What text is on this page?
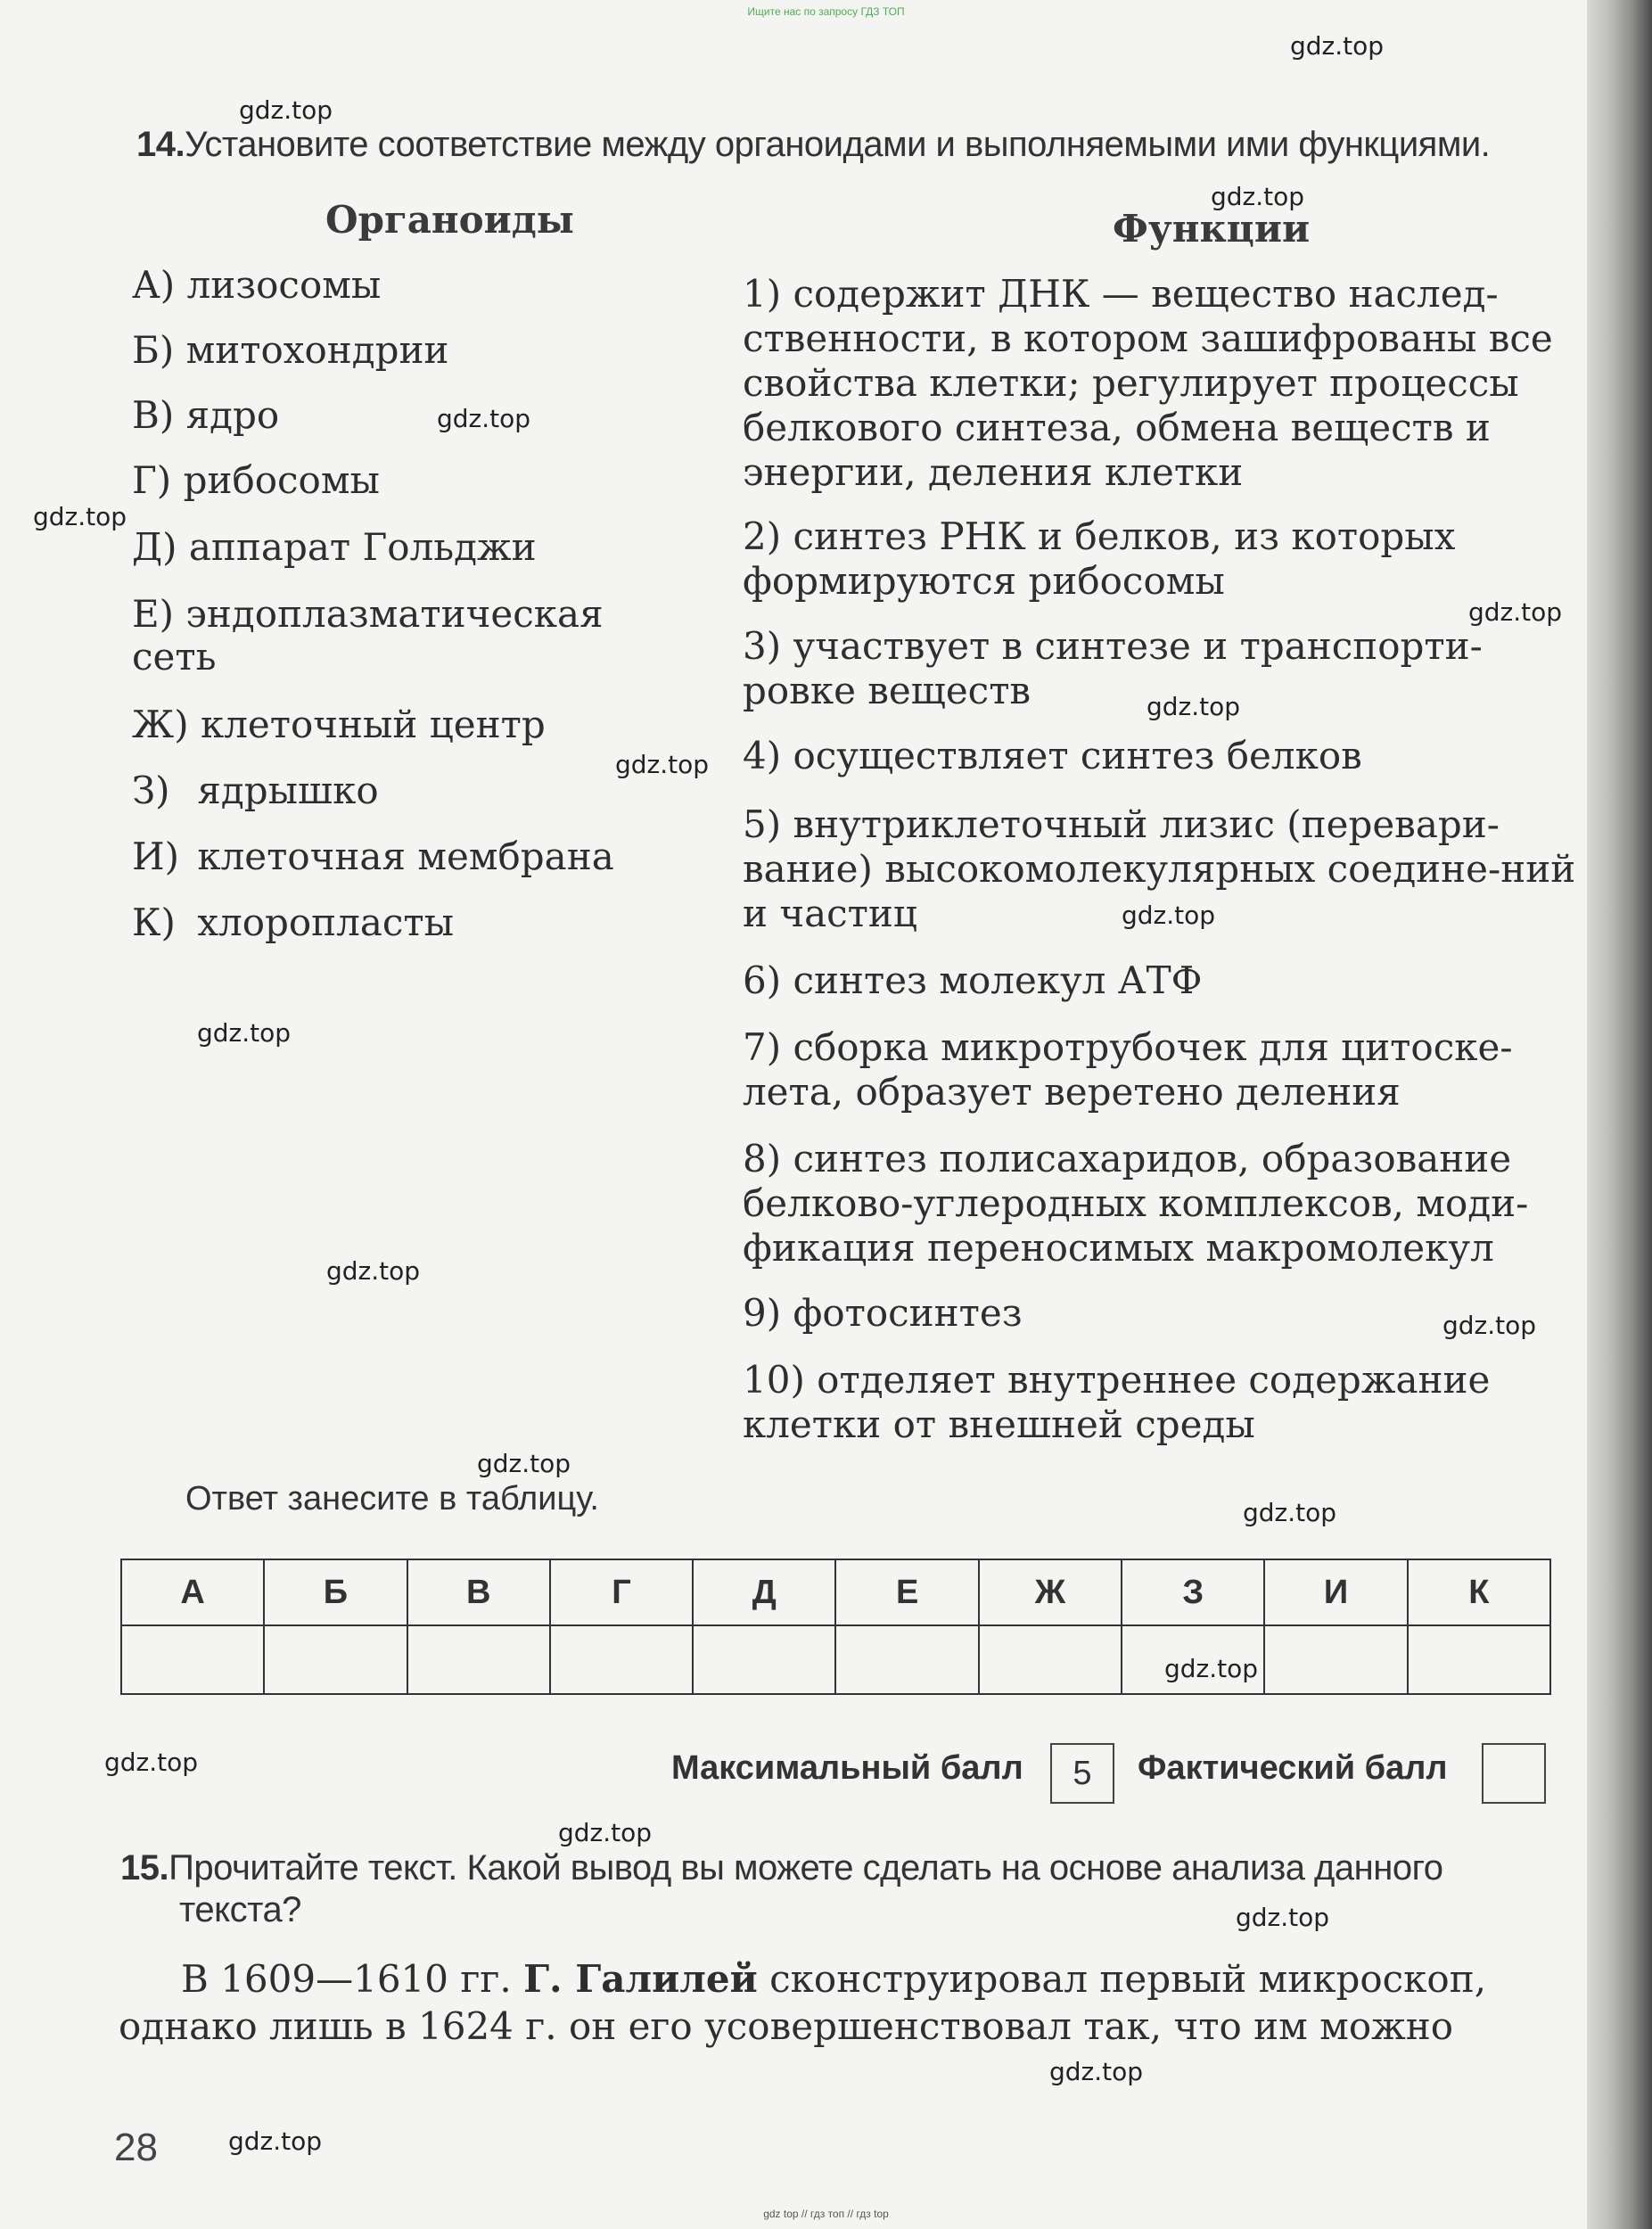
Ищите нас по запросу ГДЗ ТОП
gdz.top
gdz.top
gdz.top
gdz.top
gdz.top
gdz.top
gdz.top
gdz.top
gdz.top
gdz.top
gdz.top
gdz.top
gdz.top
gdz.top
gdz.top
gdz.top
gdz.top
gdz.top
gdz.top
gdz.top
14.Установите соответствие между органоидами и выполняемыми ими функциями.
Органоиды	Функции
А) лизосомы
Б) митохондрии
В) ядро
Г) рибосомы
Д) аппарат Гольджи
Е) эндоплазматическая
сеть
Ж) клеточный центр
З) ядрышко
И) клеточная мембрана
К) хлоропласты
1) содержит ДНК — вещество наслед-ственности, в котором зашифрованы все свойства клетки; регулирует процессы белкового синтеза, обмена веществ и энергии, деления клетки
2) синтез РНК и белков, из которых формируются рибосомы
3) участвует в синтезе и транспорти-ровке веществ
4) осуществляет синтез белков
5) внутриклеточный лизис (перевари-вание) высокомолекулярных соедине-ний и частиц
6) синтез молекул АТФ
7) сборка микротрубочек для цитоске-лета, образует веретено деления
8) синтез полисахаридов, образование белково-углеродных комплексов, моди-фикация переносимых макромолекул
9) фотосинтез
10) отделяет внутреннее содержание клетки от внешней среды
Ответ занесите в таблицу.
А	Б	В	Г	Д	Е	Ж	З	И	К

Максимальный балл	5	Фактический балл
15.Прочитайте текст. Какой вывод вы можете сделать на основе анализа данного
текста?
В 1609—1610 гг. Г. Галилей сконструировал первый микроскоп,
однако лишь в 1624 г. он его усовершенствовал так, что им можно
28
gdz top // гдз топ // гдз top
